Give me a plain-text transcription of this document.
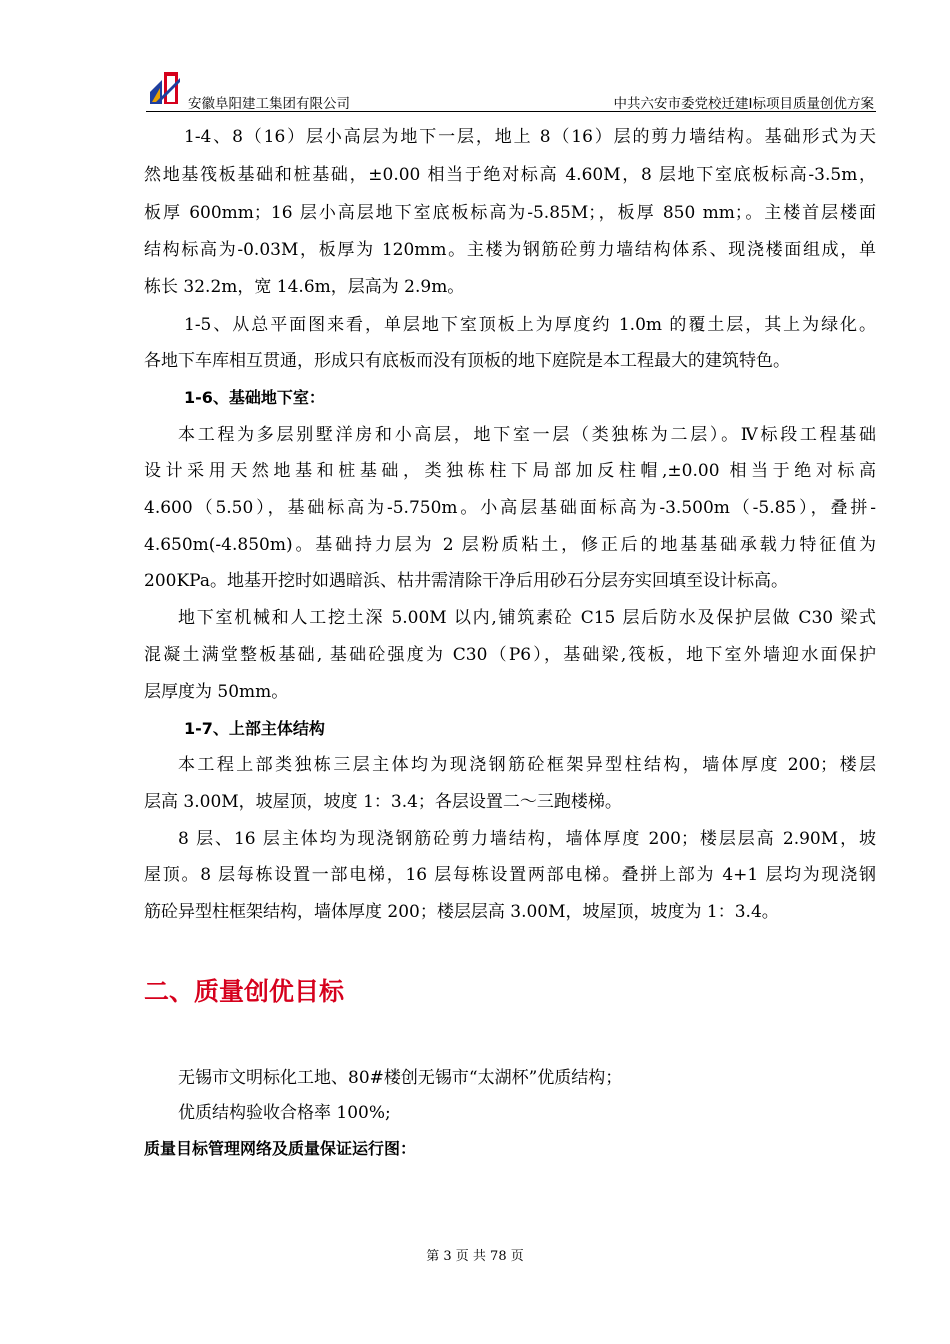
安徽阜阳建工集团有限公司	中共六安市委党校迁建Ⅰ标项目质量创优方案
1-4、8（16）层小高层为地下一层，地上 8（16）层的剪力墙结构。基础形式为天
然地基筏板基础和桩基础，±0.00 相当于绝对标高 4.60M，8 层地下室底板标高-3.5m，
板厚 600mm；16 层小高层地下室底板标高为-5.85M；，板厚 850 mm；。主楼首层楼面
结构标高为-0.03M，板厚为 120mm。主楼为钢筋砼剪力墙结构体系、现浇楼面组成，单
栋长 32.2m，宽 14.6m，层高为 2.9m。
1-5、从总平面图来看，单层地下室顶板上为厚度约 1.0m 的覆土层，其上为绿化。
各地下车库相互贯通，形成只有底板而没有顶板的地下庭院是本工程最大的建筑特色。
1-6、基础地下室：
本工程为多层别墅洋房和小高层，地下室一层（类独栋为二层）。Ⅳ标段工程基础
设计采用天然地基和桩基础，类独栋柱下局部加反柱帽,±0.00 相当于绝对标高
4.600（5.50），基础标高为-5.750m。小高层基础面标高为-3.500m（-5.85），叠拼-
4.650m(-4.850m)。基础持力层为 2 层粉质粘土，修正后的地基基础承载力特征值为
200KPa。地基开挖时如遇暗浜、枯井需清除干净后用砂石分层夯实回填至设计标高。
地下室机械和人工挖土深 5.00M 以内,铺筑素砼 C15 层后防水及保护层做 C30 梁式
混凝土满堂整板基础, 基础砼强度为 C30（P6），基础梁,筏板，地下室外墙迎水面保护
层厚度为 50mm。
1-7、上部主体结构
本工程上部类独栋三层主体均为现浇钢筋砼框架异型柱结构，墙体厚度 200；楼层
层高 3.00M，坡屋顶，坡度 1：3.4；各层设置二～三跑楼梯。
8 层、16 层主体均为现浇钢筋砼剪力墙结构，墙体厚度 200；楼层层高 2.90M，坡
屋顶。8 层每栋设置一部电梯，16 层每栋设置两部电梯。叠拼上部为 4+1 层均为现浇钢
筋砼异型柱框架结构，墙体厚度 200；楼层层高 3.00M，坡屋顶，坡度为 1：3.4。
二、质量创优目标
无锡市文明标化工地、80#楼创无锡市“太湖杯”优质结构；
优质结构验收合格率 100%;
质量目标管理网络及质量保证运行图：
第 3 页 共 78 页
